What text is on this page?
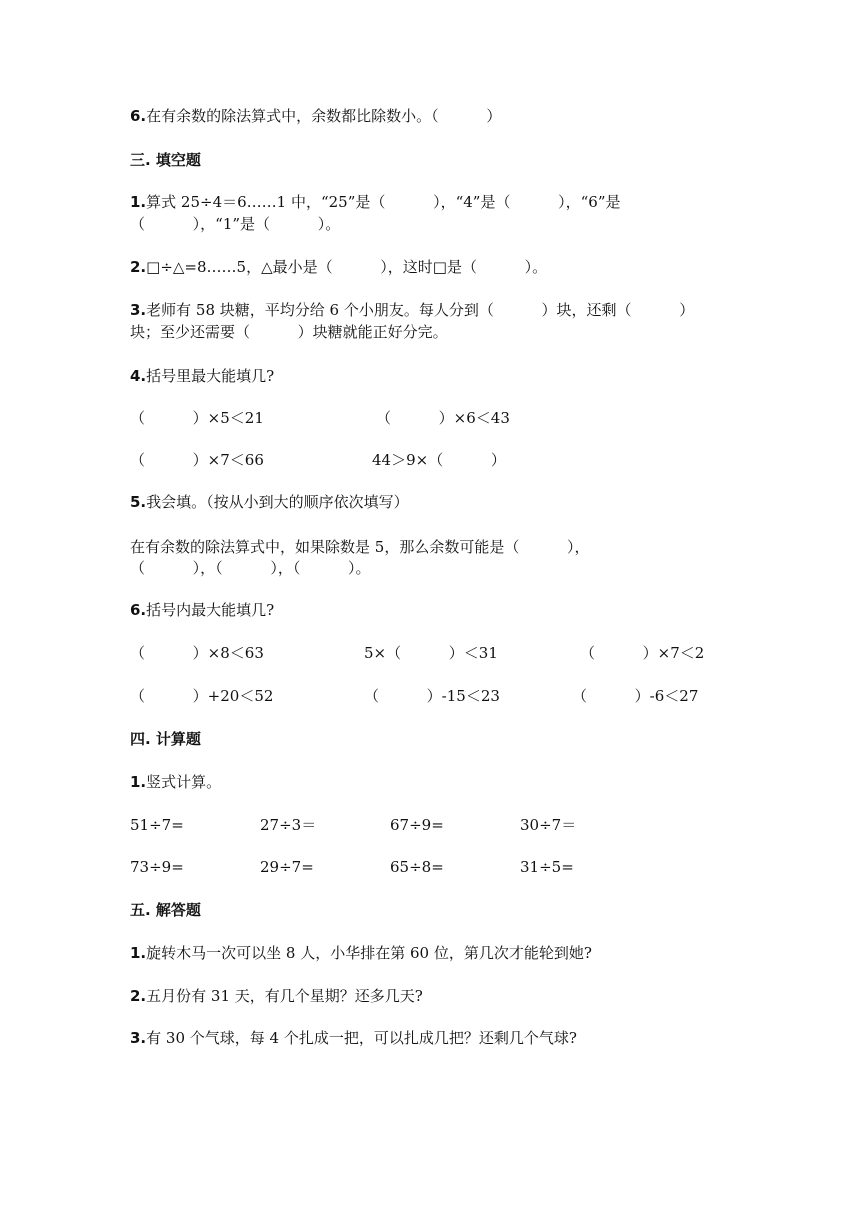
6.在有余数的除法算式中，余数都比除数小。（          ）
三. 填空题
1.算式 25÷4＝6……1 中，“25”是（          ），“4”是（          ），“6”是
（          ），“1”是（          ）。
2.□÷△=8……5，△最小是（          ），这时□是（          ）。
3.老师有 58 块糖，平均分给 6 个小朋友。每人分到（          ）块，还剩（          ）
块；至少还需要（          ）块糖就能正好分完。
4.括号里最大能填几?
（          ）×5＜21	（          ）×6＜43
（          ）×7＜66	44＞9×（          ）
5.我会填。（按从小到大的顺序依次填写）
在有余数的除法算式中，如果除数是 5，那么余数可能是（          ），
（          ），（          ），（          ）。
6.括号内最大能填几?
（          ）×8＜63	5×（          ）＜31	（          ）×7＜2
（          ）+20＜52	（          ）-15＜23	（          ）-6＜27
四. 计算题
1.竖式计算。
51÷7=	27÷3＝	67÷9=	30÷7＝
73÷9=	29÷7=	65÷8=	31÷5=
五. 解答题
1.旋转木马一次可以坐 8 人，小华排在第 60 位，第几次才能轮到她?
2.五月份有 31 天，有几个星期？还多几天?
3.有 30 个气球，每 4 个扎成一把，可以扎成几把？还剩几个气球?
